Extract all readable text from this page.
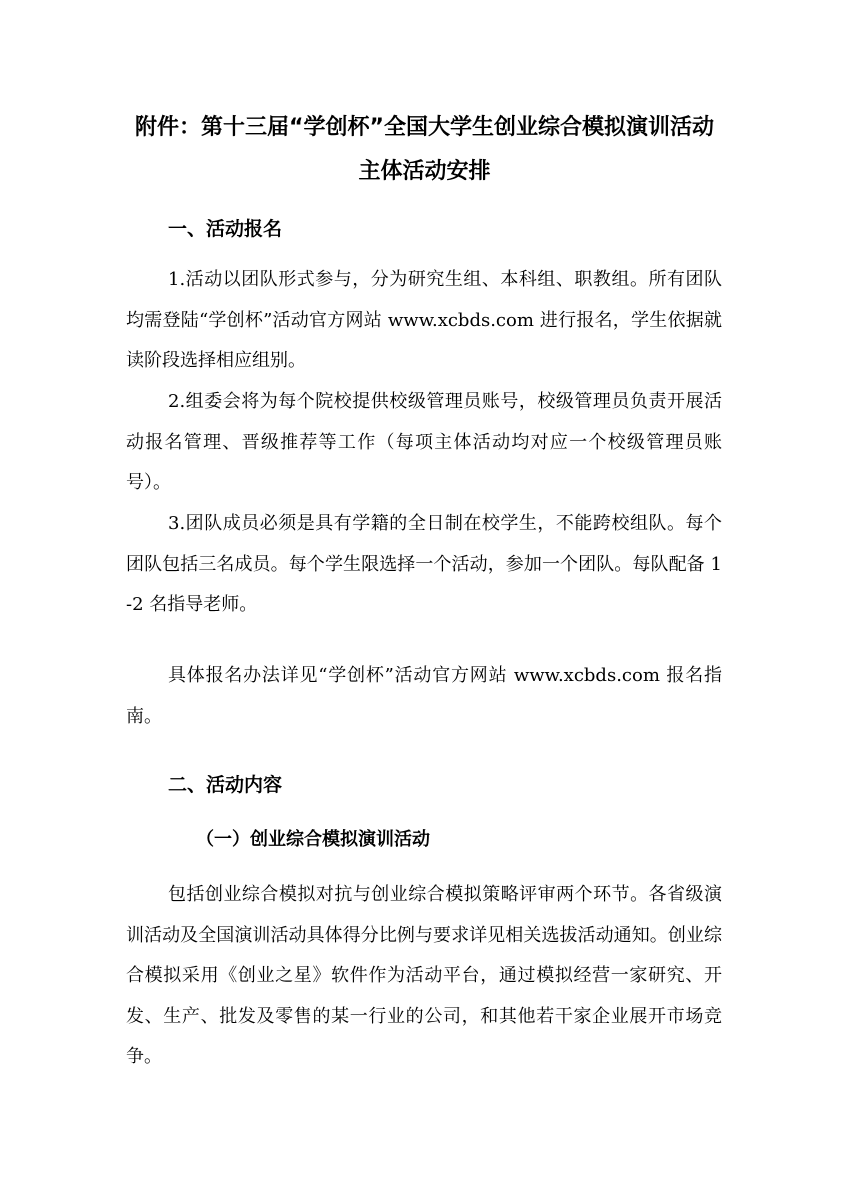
附件：第十三届“学创杯”全国大学生创业综合模拟演训活动
主体活动安排
一、活动报名

1.活动以团队形式参与，分为研究生组、本科组、职教组。所有团队均需登陆“学创杯”活动官方网站 www.xcbds.com 进行报名，学生依据就读阶段选择相应组别。

2.组委会将为每个院校提供校级管理员账号，校级管理员负责开展活动报名管理、晋级推荐等工作（每项主体活动均对应一个校级管理员账号）。

3.团队成员必须是具有学籍的全日制在校学生，不能跨校组队。每个团队包括三名成员。每个学生限选择一个活动，参加一个团队。每队配备 1-2 名指导老师。

具体报名办法详见“学创杯”活动官方网站 www.xcbds.com 报名指南。

二、活动内容
（一）创业综合模拟演训活动

包括创业综合模拟对抗与创业综合模拟策略评审两个环节。各省级演训活动及全国演训活动具体得分比例与要求详见相关选拔活动通知。创业综合模拟采用《创业之星》软件作为活动平台，通过模拟经营一家研究、开发、生产、批发及零售的某一行业的公司，和其他若干家企业展开市场竞争。
